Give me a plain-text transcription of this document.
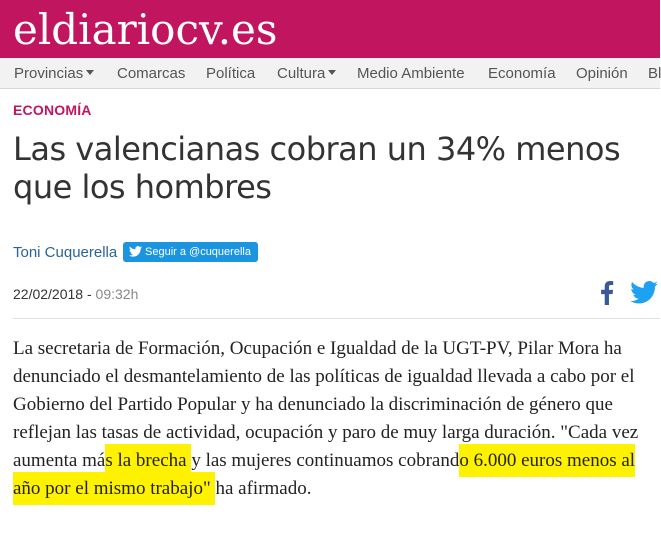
eldiariocv.es
Provincias	Comarcas Política Cultura	Medio Ambiente Economía Opinión Bl
ECONOMÍA
Las valencianas cobran un 34% menos que los hombres
Toni Cuquerella	Seguir a @cuquerella
22/02/2018 - 09:32h

La secretaria de Formación, Ocupación e Igualdad de la UGT-PV, Pilar Mora ha denunciado el desmantelamiento de las políticas de igualdad llevada a cabo por el Gobierno del Partido Popular y ha denunciado la discriminación de género que reflejan las tasas de actividad, ocupación y paro de muy larga duración. "Cada vez aumenta más la brecha y las mujeres continuamos cobrando 6.000 euros menos al año por el mismo trabajo" ha afirmado.
